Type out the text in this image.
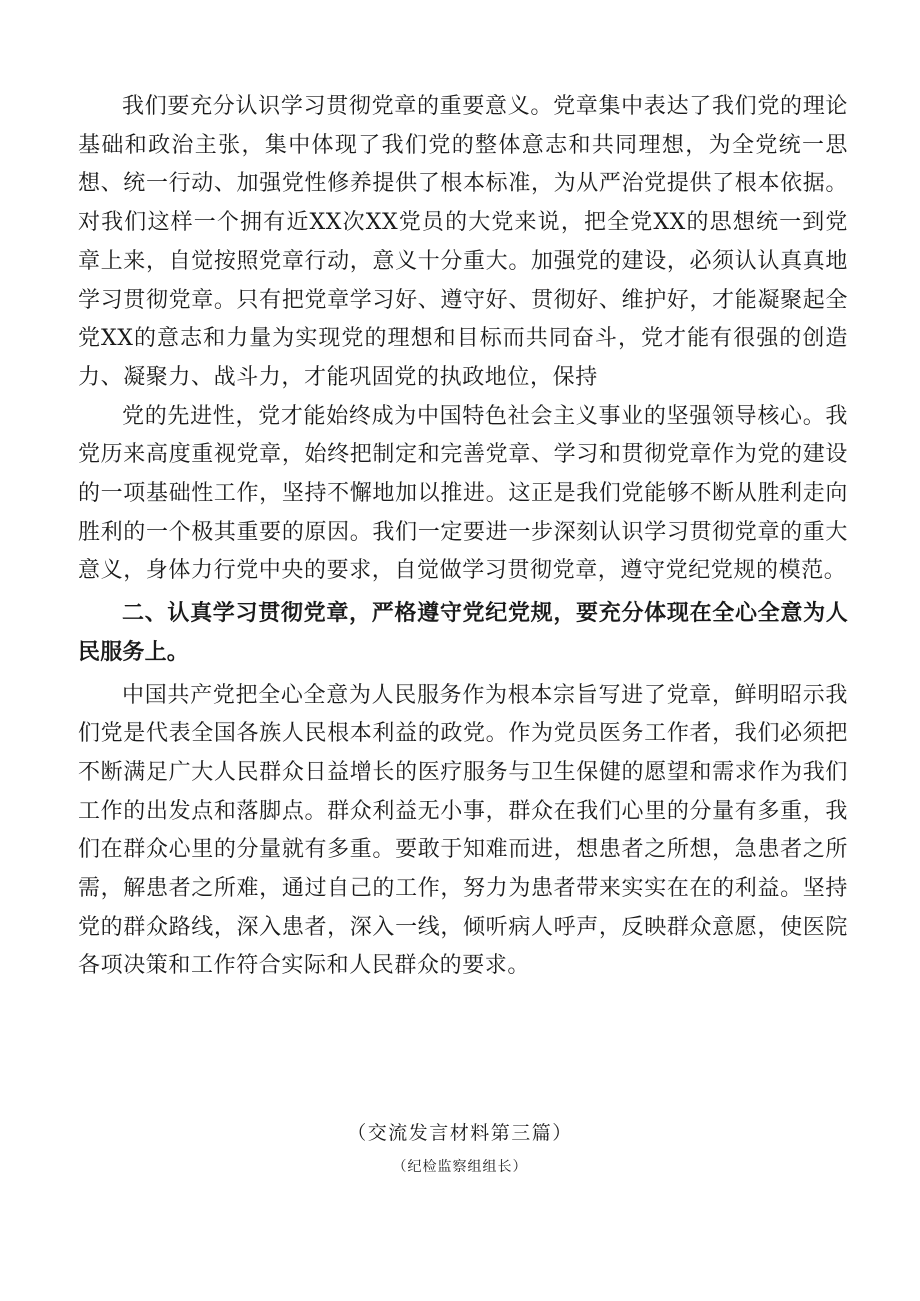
我们要充分认识学习贯彻党章的重要意义。党章集中表达了我们党的理论基础和政治主张，集中体现了我们党的整体意志和共同理想，为全党统一思想、统一行动、加强党性修养提供了根本标准，为从严治党提供了根本依据。对我们这样一个拥有近XX次XX党员的大党来说，把全党XX的思想统一到党章上来，自觉按照党章行动，意义十分重大。加强党的建设，必须认认真真地学习贯彻党章。只有把党章学习好、遵守好、贯彻好、维护好，才能凝聚起全党XX的意志和力量为实现党的理想和目标而共同奋斗，党才能有很强的创造力、凝聚力、战斗力，才能巩固党的执政地位，保持

党的先进性，党才能始终成为中国特色社会主义事业的坚强领导核心。我党历来高度重视党章，始终把制定和完善党章、学习和贯彻党章作为党的建设的一项基础性工作，坚持不懈地加以推进。这正是我们党能够不断从胜利走向胜利的一个极其重要的原因。我们一定要进一步深刻认识学习贯彻党章的重大意义，身体力行党中央的要求，自觉做学习贯彻党章，遵守党纪党规的模范。

二、认真学习贯彻党章，严格遵守党纪党规，要充分体现在全心全意为人民服务上。

中国共产党把全心全意为人民服务作为根本宗旨写进了党章，鲜明昭示我们党是代表全国各族人民根本利益的政党。作为党员医务工作者，我们必须把不断满足广大人民群众日益增长的医疗服务与卫生保健的愿望和需求作为我们工作的出发点和落脚点。群众利益无小事，群众在我们心里的分量有多重，我们在群众心里的分量就有多重。要敢于知难而进，想患者之所想，急患者之所需，解患者之所难，通过自己的工作，努力为患者带来实实在在的利益。坚持党的群众路线，深入患者，深入一线，倾听病人呼声，反映群众意愿，使医院各项决策和工作符合实际和人民群众的要求。

（交流发言材料第三篇）
（纪检监察组组长）
